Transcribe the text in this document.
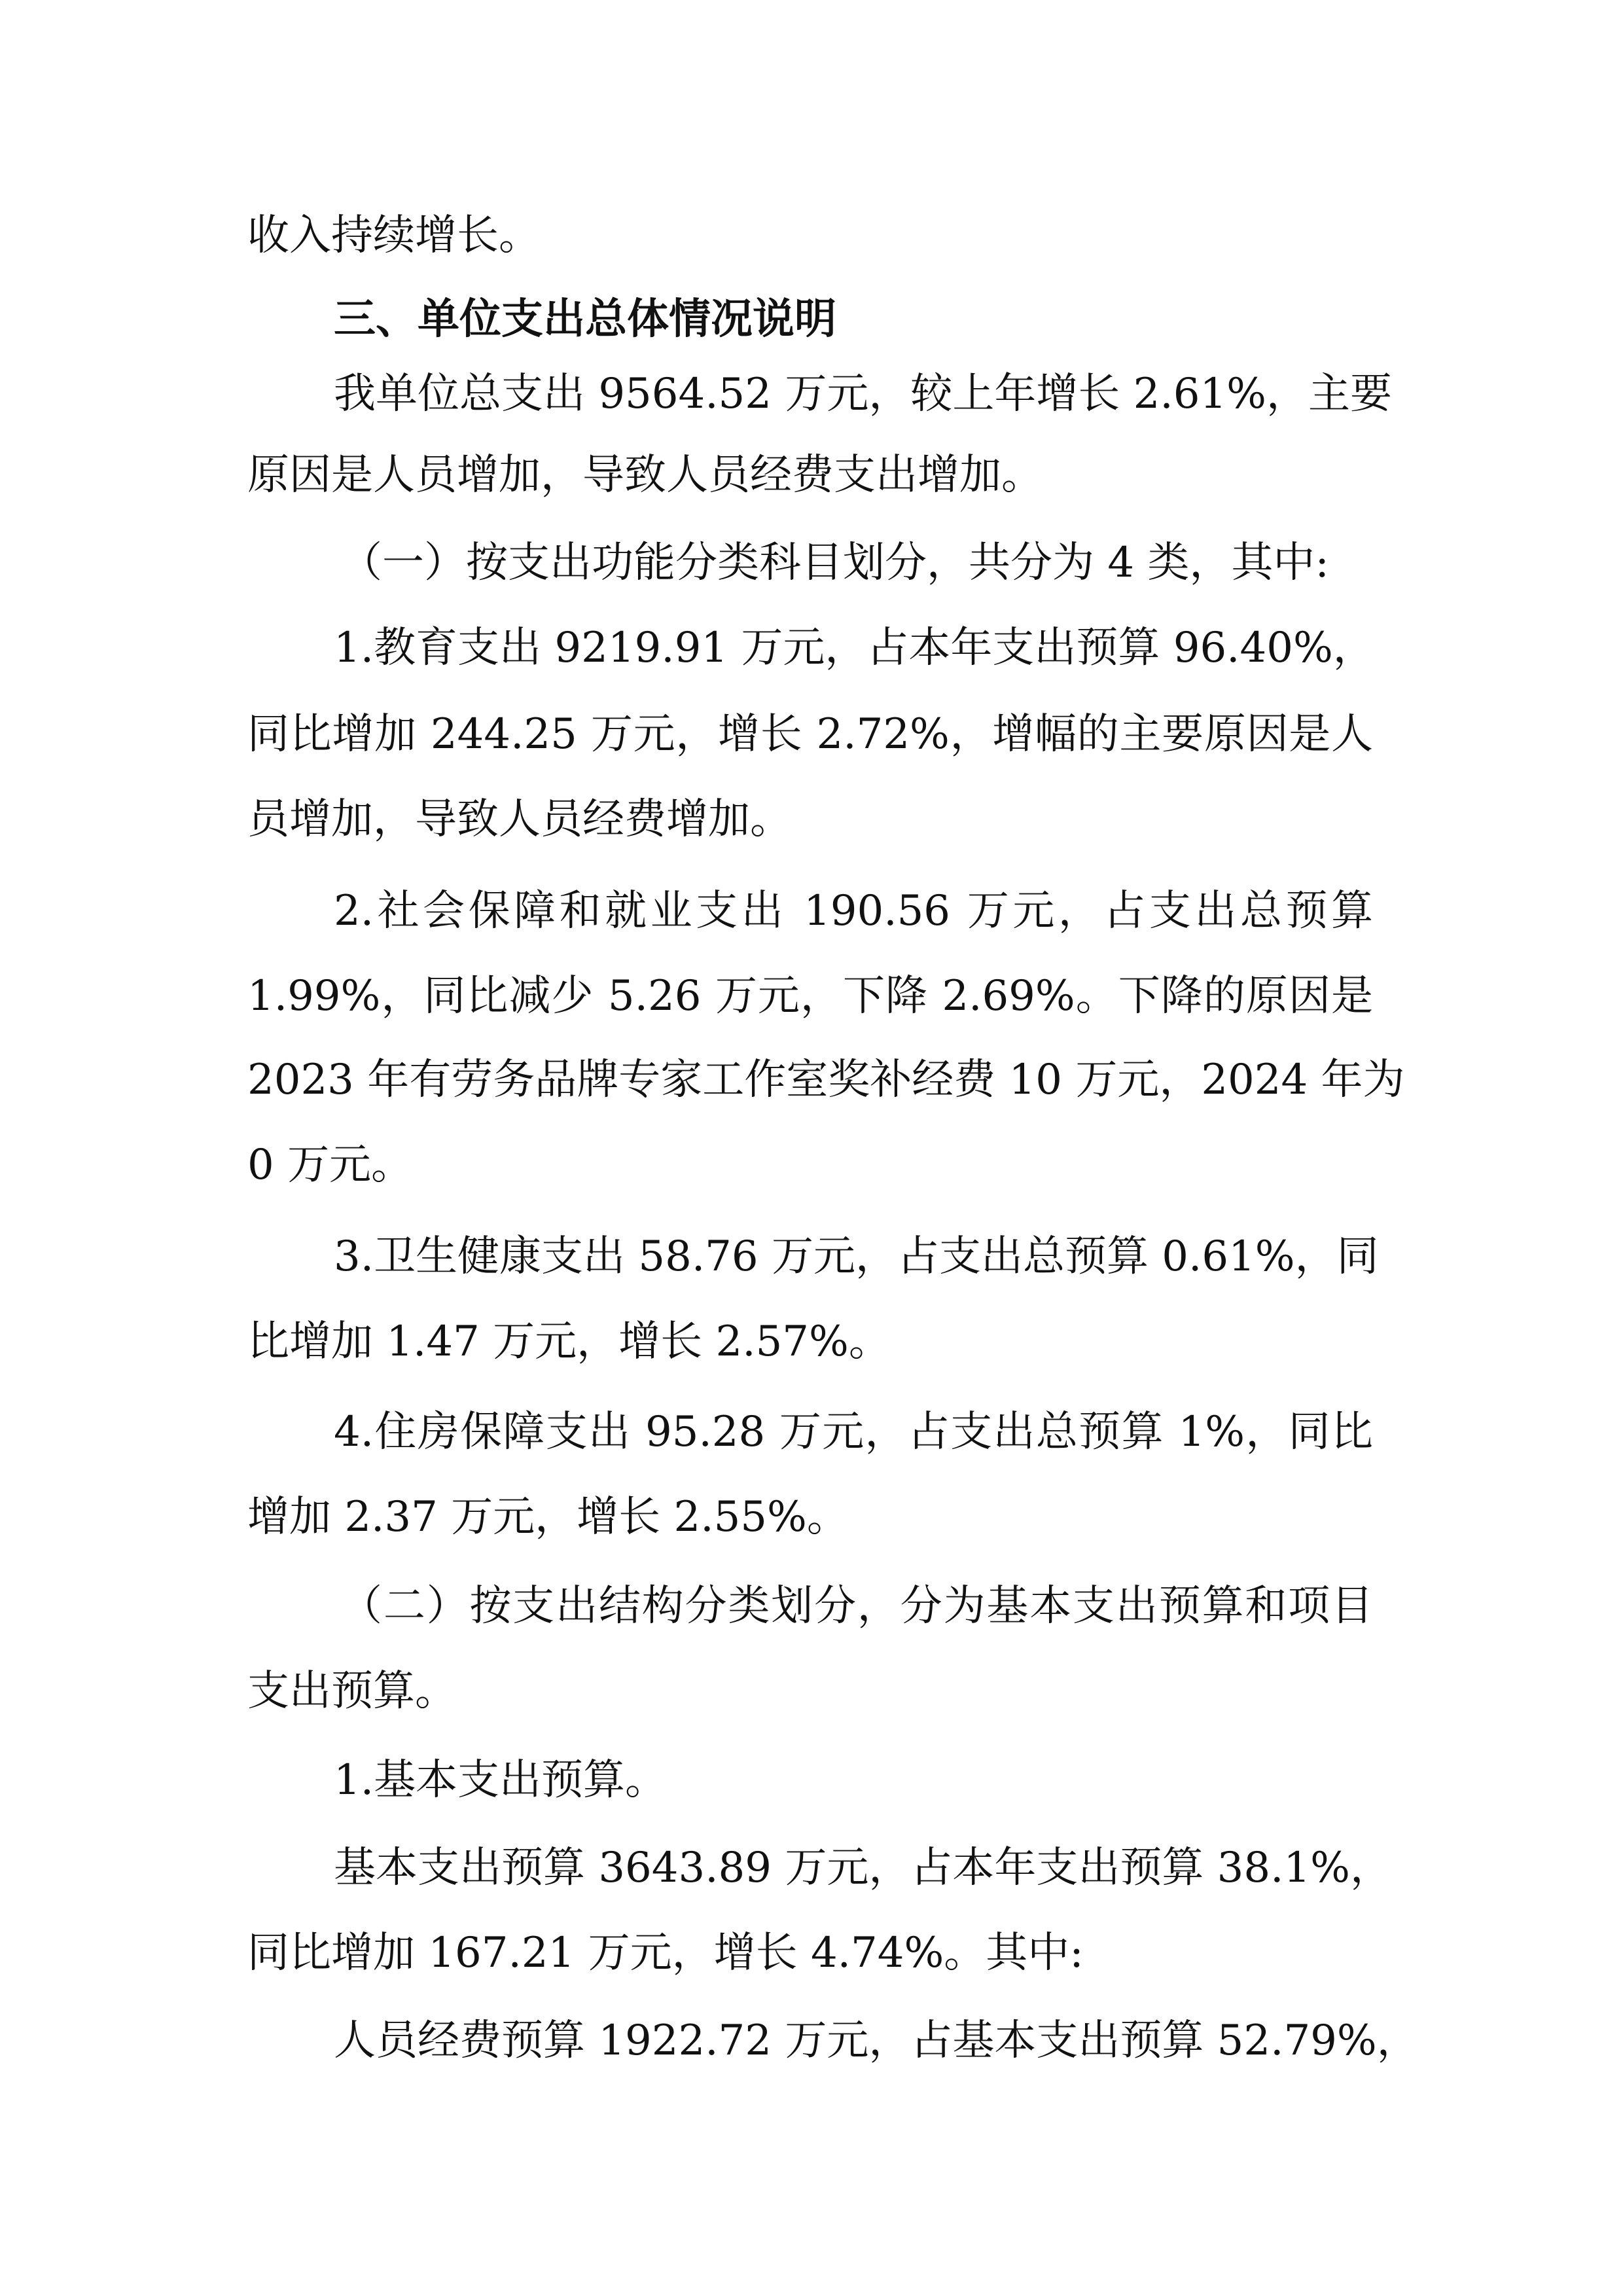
收入持续增长。
三、单位支出总体情况说明
我单位总支出 9564.52 万元，较上年增长 2.61%，主要
原因是人员增加，导致人员经费支出增加。
（一）按支出功能分类科目划分，共分为 4 类，其中:
1.教育支出 9219.91 万元，占本年支出预算 96.40%，
同比增加 244.25 万元，增长 2.72%，增幅的主要原因是人
员增加，导致人员经费增加。
2.社会保障和就业支出 190.56 万元，占支出总预算
1.99%，同比减少 5.26 万元，下降 2.69%。下降的原因是
2023 年有劳务品牌专家工作室奖补经费 10 万元，2024 年为
0 万元。
3.卫生健康支出 58.76 万元，占支出总预算 0.61%，同
比增加 1.47 万元，增长 2.57%。
4.住房保障支出 95.28 万元，占支出总预算 1%，同比
增加 2.37 万元，增长 2.55%。
（二）按支出结构分类划分，分为基本支出预算和项目
支出预算。
1.基本支出预算。
基本支出预算 3643.89 万元，占本年支出预算 38.1%，
同比增加 167.21 万元，增长 4.74%。其中:
人员经费预算 1922.72 万元，占基本支出预算 52.79%，
